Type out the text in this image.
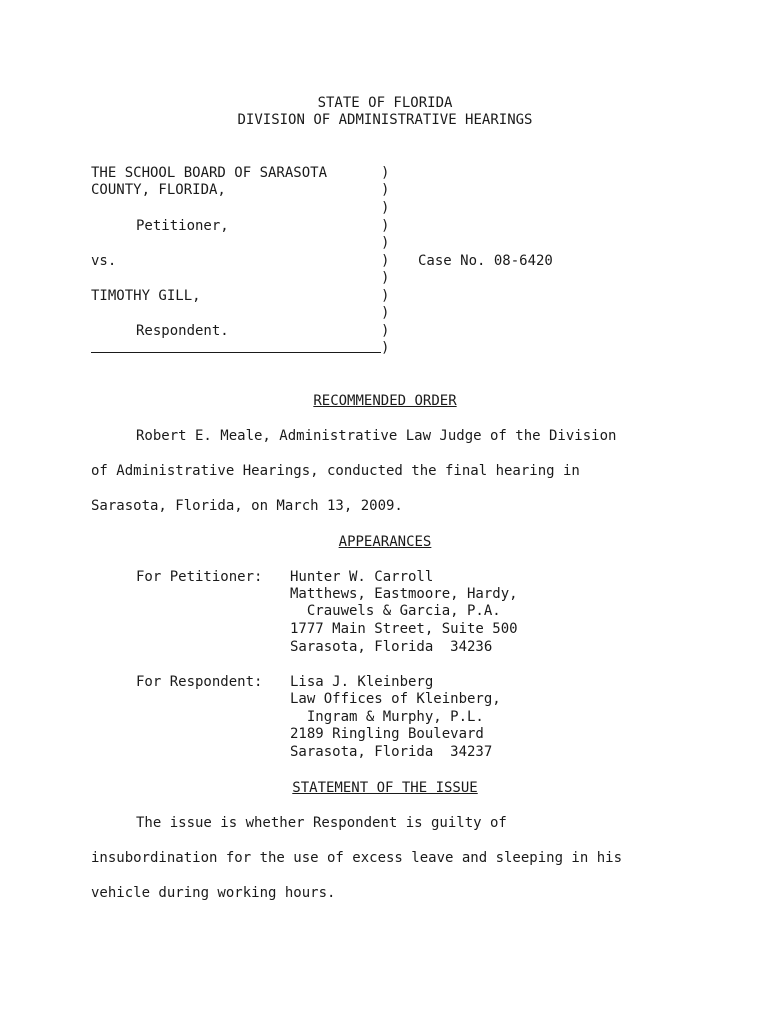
STATE OF FLORIDA
DIVISION OF ADMINISTRATIVE HEARINGS
THE SCHOOL BOARD OF SARASOTA
COUNTY, FLORIDA,
Petitioner,
vs.
TIMOTHY GILL,
Respondent.
)
)
)
)
)
)
)
)
)
)
)
Case No. 08-6420
RECOMMENDED ORDER
Robert E. Meale, Administrative Law Judge of the Division
of Administrative Hearings, conducted the final hearing in
Sarasota, Florida, on March 13, 2009.
APPEARANCES
For Petitioner: Hunter W. Carroll
Matthews, Eastmoore, Hardy,
Crauwels & Garcia, P.A.
1777 Main Street, Suite 500
Sarasota, Florida  34236
For Respondent: Lisa J. Kleinberg
Law Offices of Kleinberg,
Ingram & Murphy, P.L.
2189 Ringling Boulevard
Sarasota, Florida  34237
STATEMENT OF THE ISSUE
The issue is whether Respondent is guilty of
insubordination for the use of excess leave and sleeping in his
vehicle during working hours.
